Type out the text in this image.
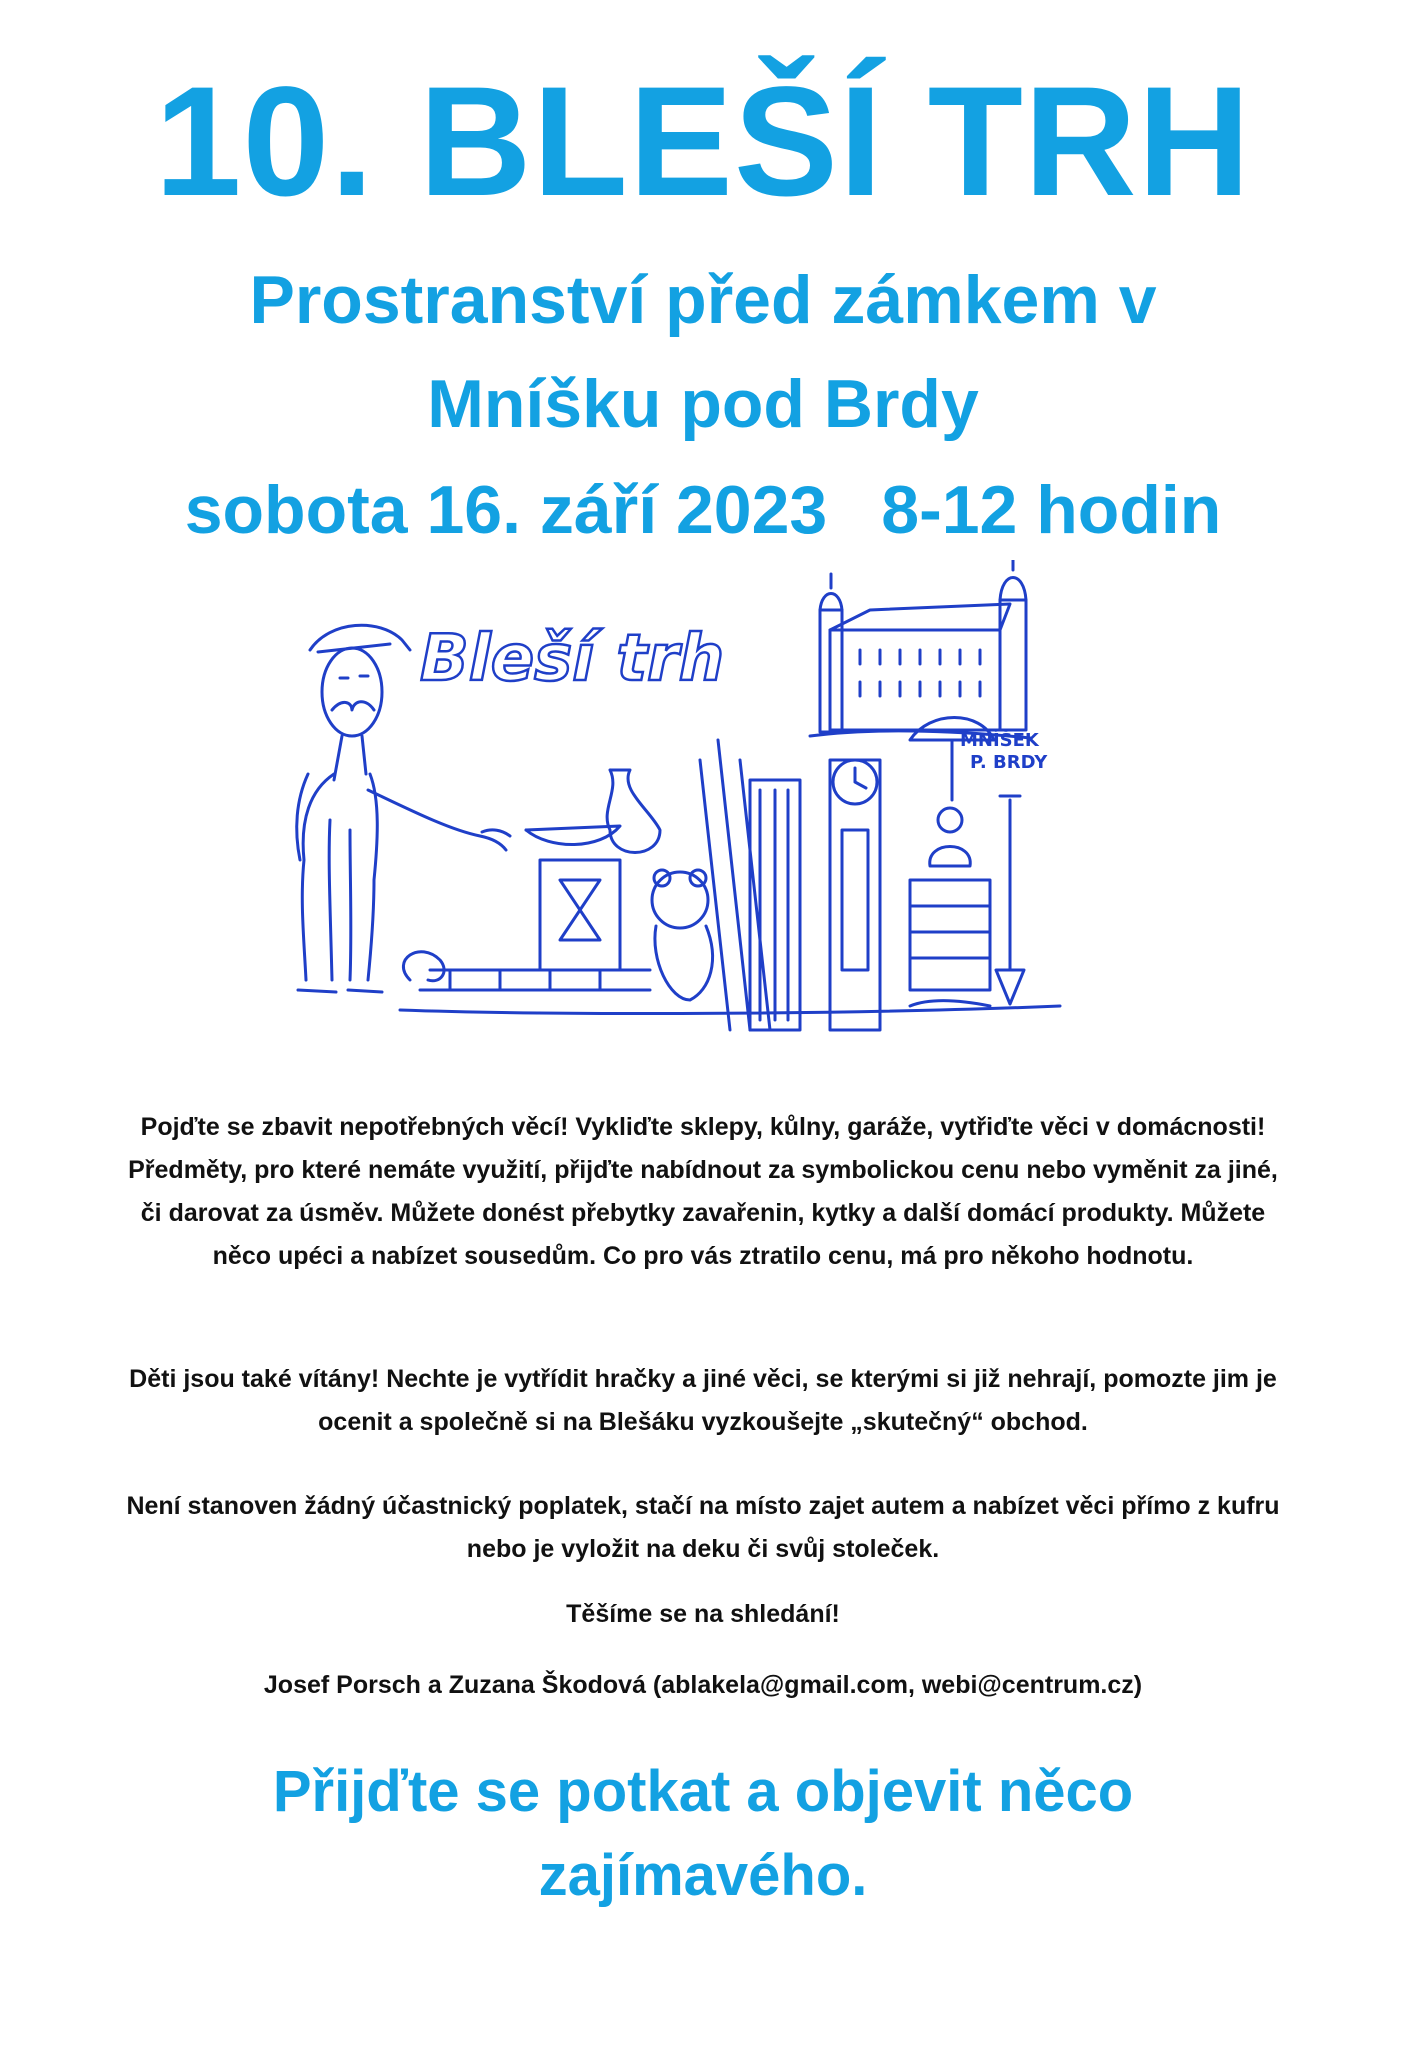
10. BLEŠÍ TRH

Prostranství před zámkem v

Mníšku pod Brdy

sobota 16. září 2023 8-12 hodin

Bleší trh
MNÍŠEK
P. BRDY

Pojďte se zbavit nepotřebných věcí! Vykliďte sklepy, kůlny, garáže, vytřiďte věci v domácnosti! Předměty, pro které nemáte využití, přijďte nabídnout za symbolickou cenu nebo vyměnit za jiné, či darovat za úsměv. Můžete donést přebytky zavařenin, kytky a další domácí produkty. Můžete něco upéci a nabízet sousedům. Co pro vás ztratilo cenu, má pro někoho hodnotu.

Děti jsou také vítány! Nechte je vytřídit hračky a jiné věci, se kterými si již nehrají, pomozte jim je ocenit a společně si na Blešáku vyzkoušejte „skutečný“ obchod.

Není stanoven žádný účastnický poplatek, stačí na místo zajet autem a nabízet věci přímo z kufru nebo je vyložit na deku či svůj stoleček.

Těšíme se na shledání!

Josef Porsch a Zuzana Škodová (ablakela@gmail.com, webi@centrum.cz)

Přijďte se potkat a objevit něco
zajímavého.
